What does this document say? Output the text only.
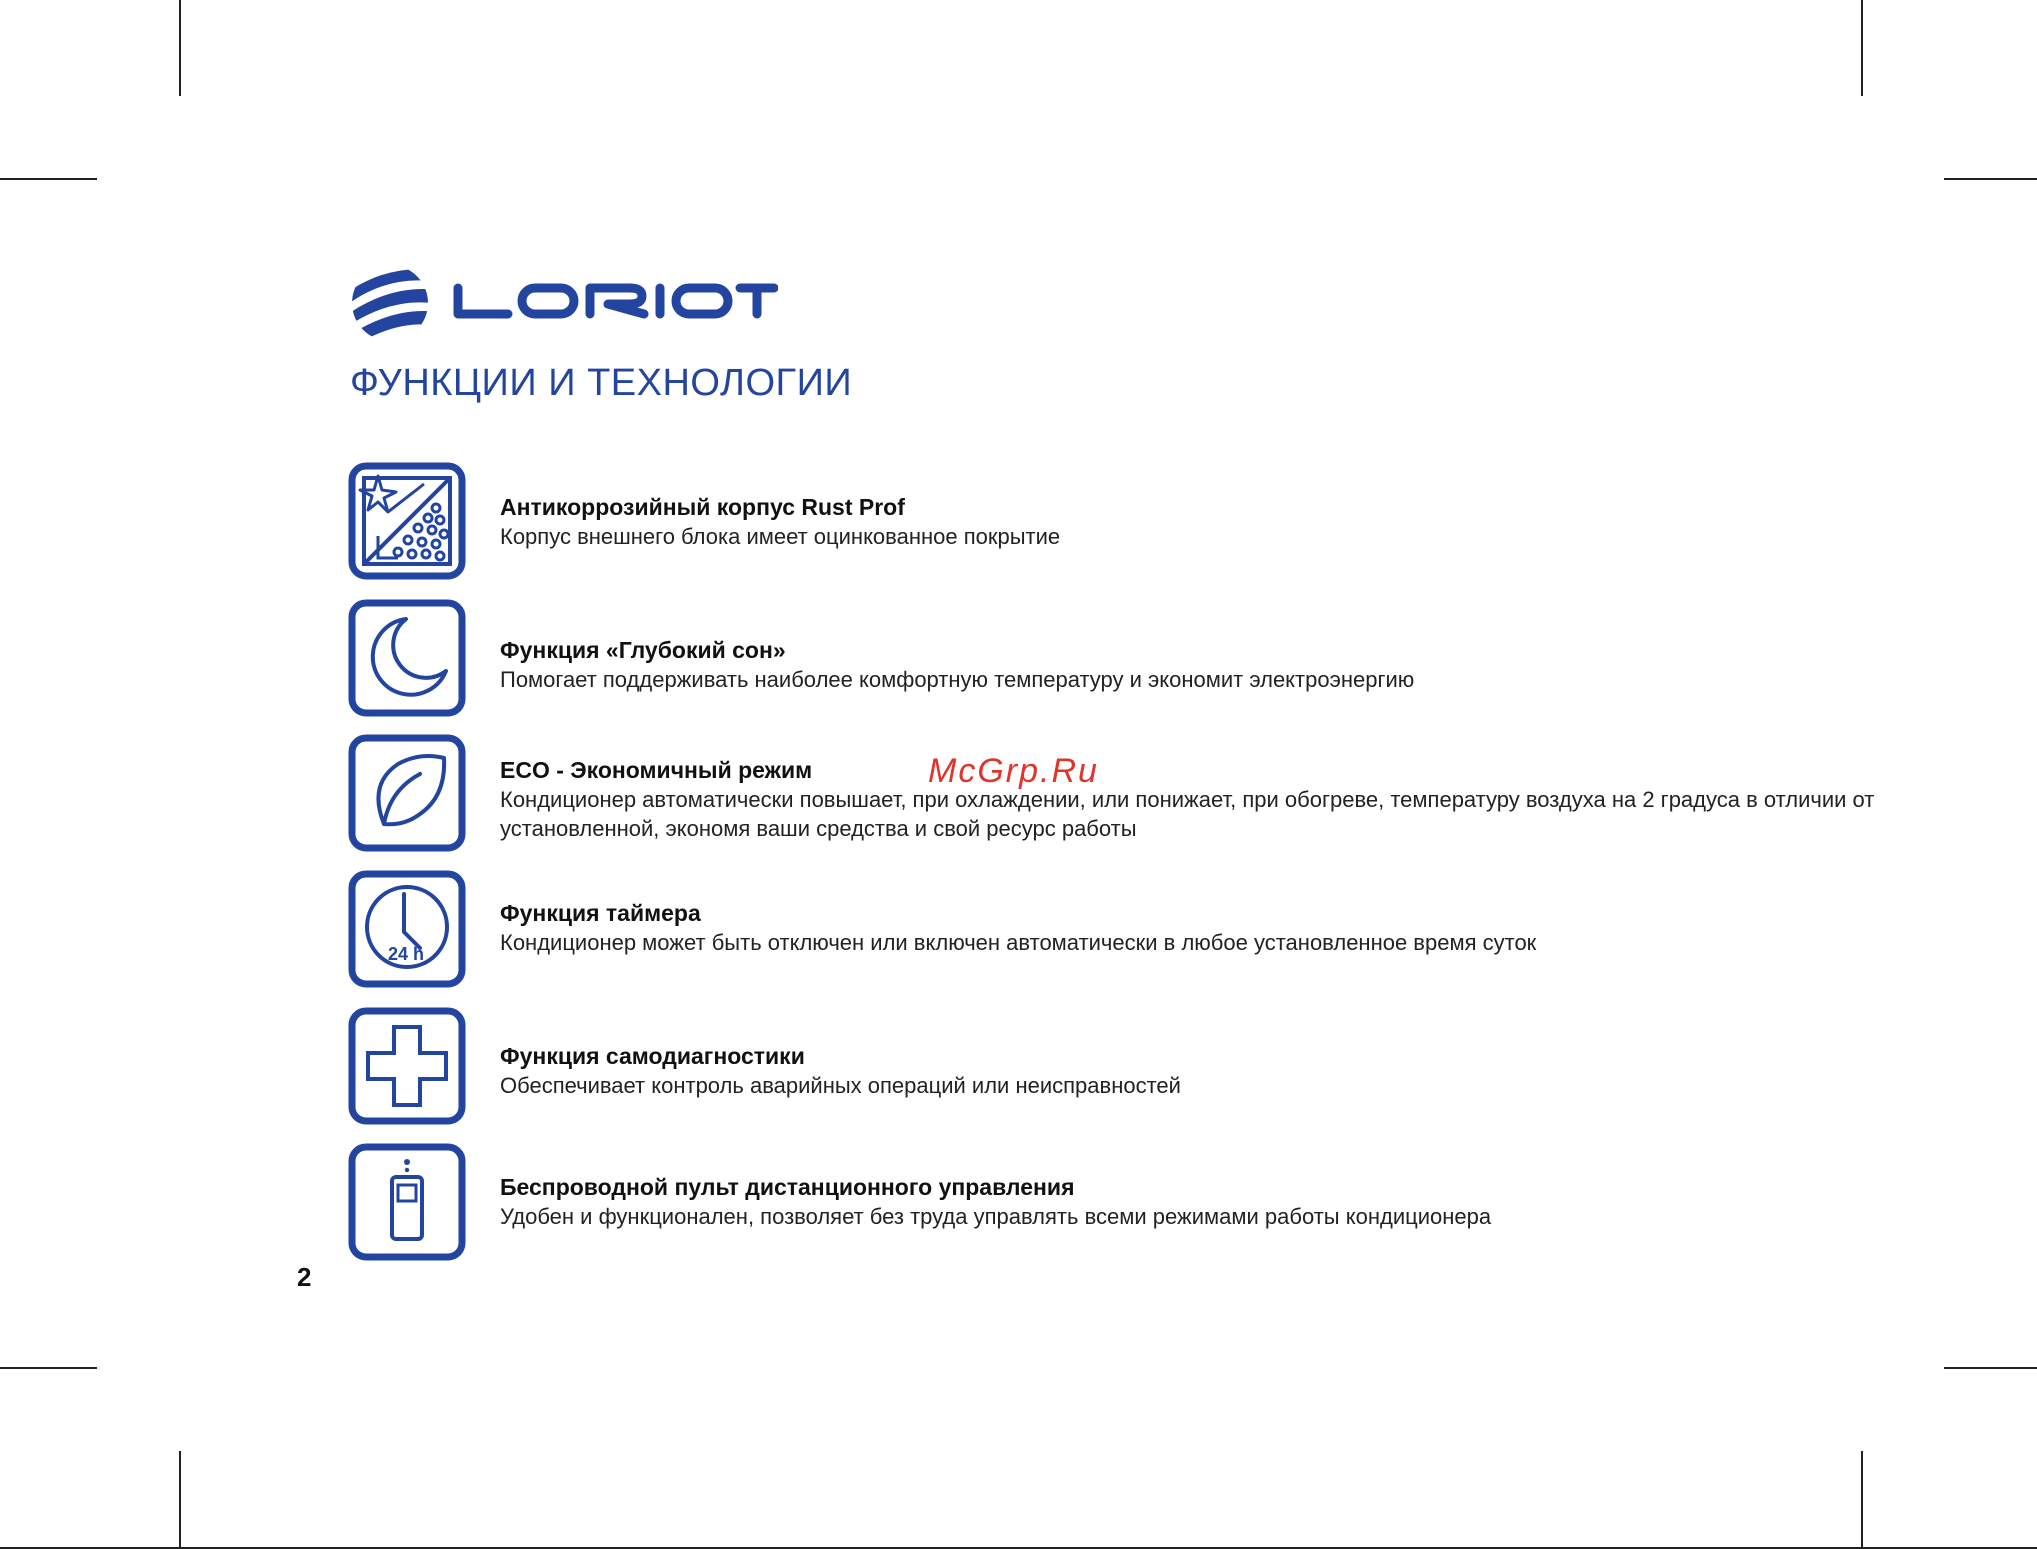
ФУНКЦИИ И ТЕХНОЛОГИИ
Антикоррозийный корпус Rust Prof
Корпус внешнего блока имеет оцинкованное покрытие
Функция «Глубокий сон»
Помогает поддерживать наиболее комфортную температуру и экономит электроэнергию
ECO - Экономичный режим
Кондиционер автоматически повышает, при охлаждении, или понижает, при обогреве, температуру воздуха на 2 градуса в отличии от установленной, экономя ваши средства и свой ресурс работы
24 h
Функция таймера
Кондиционер может быть отключен или включен автоматически в любое установленное время суток
Функция самодиагностики
Обеспечивает контроль аварийных операций или неисправностей
Беспроводной пульт дистанционного управления
Удобен и функционален, позволяет без труда управлять всеми режимами работы кондиционера
McGrp.Ru
2
